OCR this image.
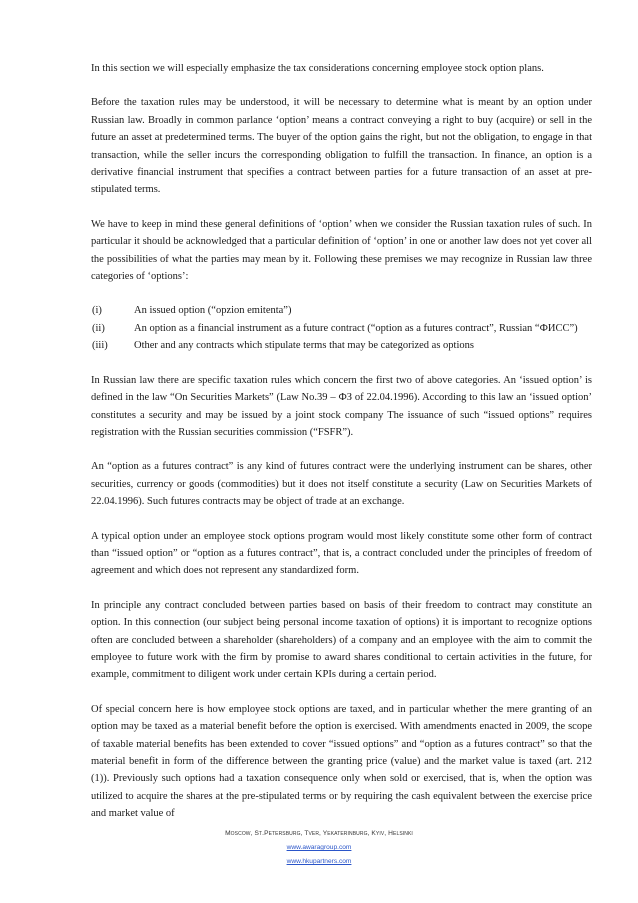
In this section we will especially emphasize the tax considerations concerning employee stock option plans.

Before the taxation rules may be understood, it will be necessary to determine what is meant by an option under Russian law. Broadly in common parlance ‘option’ means a contract conveying a right to buy (acquire) or sell in the future an asset at predetermined terms. The buyer of the option gains the right, but not the obligation, to engage in that transaction, while the seller incurs the corresponding obligation to fulfill the transaction. In finance, an option is a derivative financial instrument that specifies a contract between parties for a future transaction of an asset at pre-stipulated terms.

We have to keep in mind these general definitions of ‘option’ when we consider the Russian taxation rules of such. In particular it should be acknowledged that a particular definition of ‘option’ in one or another law does not yet cover all the possibilities of what the parties may mean by it. Following these premises we may recognize in Russian law three categories of ‘options’:

(i)	An issued option (“opzion emitenta”)
(ii)	An option as a financial instrument as a future contract (“option as a futures contract”, Russian “ФИСС”)
(iii)	Other and any contracts which stipulate terms that may be categorized as options

In Russian law there are specific taxation rules which concern the first two of above categories. An ‘issued option’ is defined in the law “On Securities Markets” (Law No.39 – ФЗ of 22.04.1996). According to this law an ‘issued option’ constitutes a security and may be issued by a joint stock company The issuance of such “issued options” requires registration with the Russian securities commission (“FSFR”).

An “option as a futures contract” is any kind of futures contract were the underlying instrument can be shares, other securities, currency or goods (commodities) but it does not itself constitute a security (Law on Securities Markets of 22.04.1996). Such futures contracts may be object of trade at an exchange.

A typical option under an employee stock options program would most likely constitute some other form of contract than “issued option” or “option as a futures contract”, that is, a contract concluded under the principles of freedom of agreement and which does not represent any standardized form.

In principle any contract concluded between parties based on basis of their freedom to contract may constitute an option. In this connection (our subject being personal income taxation of options) it is important to recognize options often are concluded between a shareholder (shareholders) of a company and an employee with the aim to commit the employee to future work with the firm by promise to award shares conditional to certain activities in the future, for example, commitment to diligent work under certain KPIs during a certain period.

Of special concern here is how employee stock options are taxed, and in particular whether the mere granting of an option may be taxed as a material benefit before the option is exercised. With amendments enacted in 2009, the scope of taxable material benefits has been extended to cover “issued options” and “option as a futures contract” so that the material benefit in form of the difference between the granting price (value) and the market value is taxed (art. 212 (1)). Previously such options had a taxation consequence only when sold or exercised, that is, when the option was utilized to acquire the shares at the pre-stipulated terms or by requiring the cash equivalent between the exercise price and market value of

Moscow, St.Petersburg, Tver, Yekaterinburg, Kyiv, Helsinki
www.awaragroup.com
www.hkupartners.com
